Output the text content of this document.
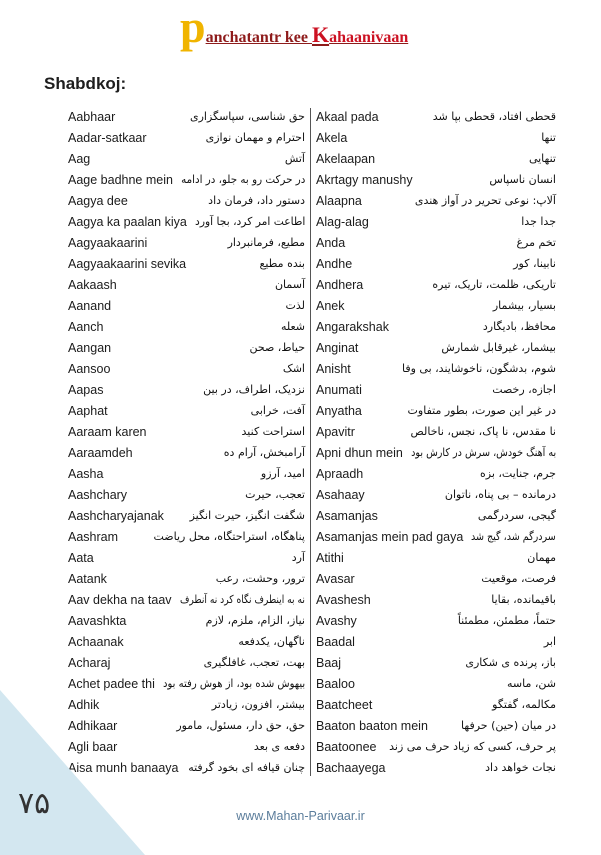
panchatantr kee Kahaanivaan
Shabdkoj:
Aabhaar	حق شناسی، سپاسگزاری
Aadar-satkaar	احترام و مهمان نوازی
Aag	آتش
Aage badhne mein در حرکت رو به جلو، در ادامه
Aagya dee	دستور داد، فرمان داد
Aagya ka paalan kiya اطاعت امر کرد، بجا آورد
Aagyaakaarini	مطیع، فرمانبردار
Aagyaakaarini sevika	بنده مطیع
Aakaash	آسمان
Aanand	لذت
Aanch	شعله
Aangan	حیاط، صحن
Aansoo	اشک
Aapas	نزدیک، اطراف، در بین
Aaphat	آفت، خرابی
Aaraam karen	استراحت کنید
Aaraamdeh	آرامبخش، آرام ده
Aasha	امید، آرزو
Aashchary	تعجب، حیرت
Aashcharyajanak شگفت انگیز، حیرت انگیز
Aashram	پناهگاه، استراحتگاه، محل ریاضت
Aata	آرد
Aatank	ترور، وحشت، رعب
Aav dekha na taav نه به اینطرف نگاه کرد نه آنطرف
Aavashkta	نیاز، الزام، ملزم، لازم
Achaanak	ناگهان، یکدفعه
Acharaj	بهت، تعجب، غافلگیری
Achet padee thi بیهوش شده بود، از هوش رفته بود
Adhik	بیشتر، افزون، زیادتر
Adhikaar	حق، حق دار، مسئول، مامور
Agli baar	دفعه ی بعد
Aisa munh banaaya چنان قیافه ای بخود گرفته
Akaal pada	قحطی افتاد، قحطی بپا شد
Akela	تنها
Akelaapan	تنهایی
Akrtagy manushy	انسان ناسپاس
Alaapna	آلاپ: نوعی تحریر در آواز هندی
Alag-alag	جدا جدا
Anda	تخم مرغ
Andhe	نابینا، کور
Andhera	تاریکی، ظلمت، تاریک، تیره
Anek	بسیار، بیشمار
Angarakshak	محافظ، بادیگارد
Anginat	بیشمار، غیرقابل شمارش
Anisht	شوم، بدشگون، ناخوشایند، بی وفا
Anumati	اجازه، رخصت
Anyatha	در غیر این صورت، بطور متفاوت
Apavitr	نا مقدس، نا پاک، نجس، ناخالص
Apni dhun mein به آهنگ خودش، سرش در کارش بود
Apraadh	جرم، جنایت، بزه
Asahaay	درمانده – بی پناه، ناتوان
Asamanjas	گیجی، سردرگمی
Asamanjas mein pad gaya سردرگم شد، گیج شد
Atithi	مهمان
Avasar	فرصت، موقعیت
Avashesh	باقیمانده، بقایا
Avashy	حتماً، مطمئن، مطمئناً
Baadal	ابر
Baaj	باز، پرنده ی شکاری
Baaloo	شن، ماسه
Baatcheet	مکالمه، گفتگو
Baaton baaton mein	در میان (حین) حرفها
Baatoonee پر حرف، کسی که زیاد حرف می زند
Bachaayega	نجات خواهد داد
۷۵	www.Mahan-Parivaar.ir
